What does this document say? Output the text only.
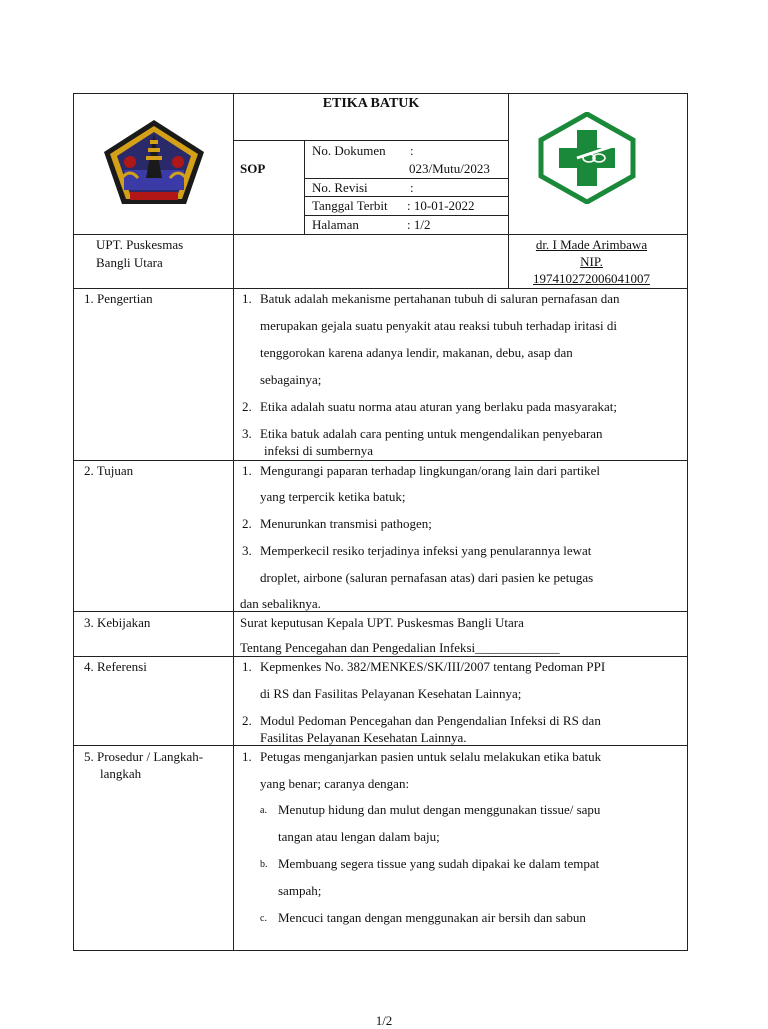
ETIKA BATUK
SOP
No. Dokumen :
023/Mutu/2023
No. Revisi	:
Tanggal Terbit : 10-01-2022
Halaman	: 1/2
UPT. Puskesmas
Bangli Utara
dr. I Made Arimbawa
NIP.
197410272006041007
1. Pengertian	1. Batuk adalah mekanisme pertahanan tubuh di saluran pernafasan dan
merupakan gejala suatu penyakit atau reaksi tubuh terhadap iritasi di
tenggorokan karena adanya lendir, makanan, debu, asap dan
sebagainya;
2. Etika adalah suatu norma atau aturan yang berlaku pada masyarakat;
3. Etika batuk adalah cara penting untuk mengendalikan penyebaran
infeksi di sumbernya
2. Tujuan	1. Mengurangi paparan terhadap lingkungan/orang lain dari partikel
yang terpercik ketika batuk;
2. Menurunkan transmisi pathogen;
3. Memperkecil resiko terjadinya infeksi yang penularannya lewat
droplet, airbone (saluran pernafasan atas) dari pasien ke petugas
dan sebaliknya.
3. Kebijakan	Surat keputusan Kepala UPT. Puskesmas Bangli Utara
Tentang Pencegahan dan Pengedalian Infeksi_____________
4. Referensi	1. Kepmenkes No. 382/MENKES/SK/III/2007 tentang Pedoman PPI
di RS dan Fasilitas Pelayanan Kesehatan Lainnya;
2. Modul Pedoman Pencegahan dan Pengendalian Infeksi di RS dan
Fasilitas Pelayanan Kesehatan Lainnya.
5. Prosedur / Langkah-
langkah
1. Petugas menganjarkan pasien untuk selalu melakukan etika batuk
yang benar; caranya dengan:
a. Menutup hidung dan mulut dengan menggunakan tissue/ sapu
tangan atau lengan dalam baju;
b. Membuang segera tissue yang sudah dipakai ke dalam tempat
sampah;
c. Mencuci tangan dengan menggunakan air bersih dan sabun
1/2
